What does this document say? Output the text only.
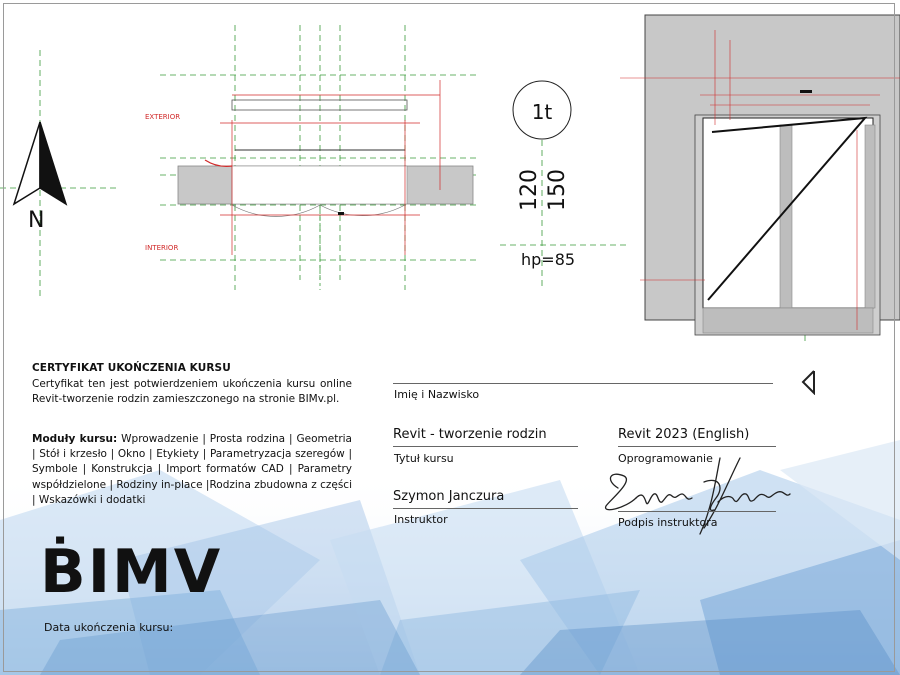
N
EXTERIOR
INTERIOR
1t
120 150
hp=85
CERTYFIKAT UKOŃCZENIA KURSU
Certyfikat ten jest potwierdzeniem ukończenia kursu online Revit-tworzenie rodzin zamieszczonego na stronie BIMv.pl.
Moduły kursu: Wprowadzenie | Prosta rodzina | Geometria | Stół i krzesło | Okno | Etykiety | Parametryzacja szeregów | Symbole | Konstrukcja | Import formatów CAD | Parametry współdzielone | Rodziny in-place |Rodzina zbudowna z części | Wskazówki i dodatki
Imię i Nazwisko
Revit - tworzenie rodzin
Tytuł kursu
Revit 2023 (English)
Oprogramowanie
Szymon Janczura
Instruktor	Podpis instruktora
ḂIMV
Data ukończenia kursu:
